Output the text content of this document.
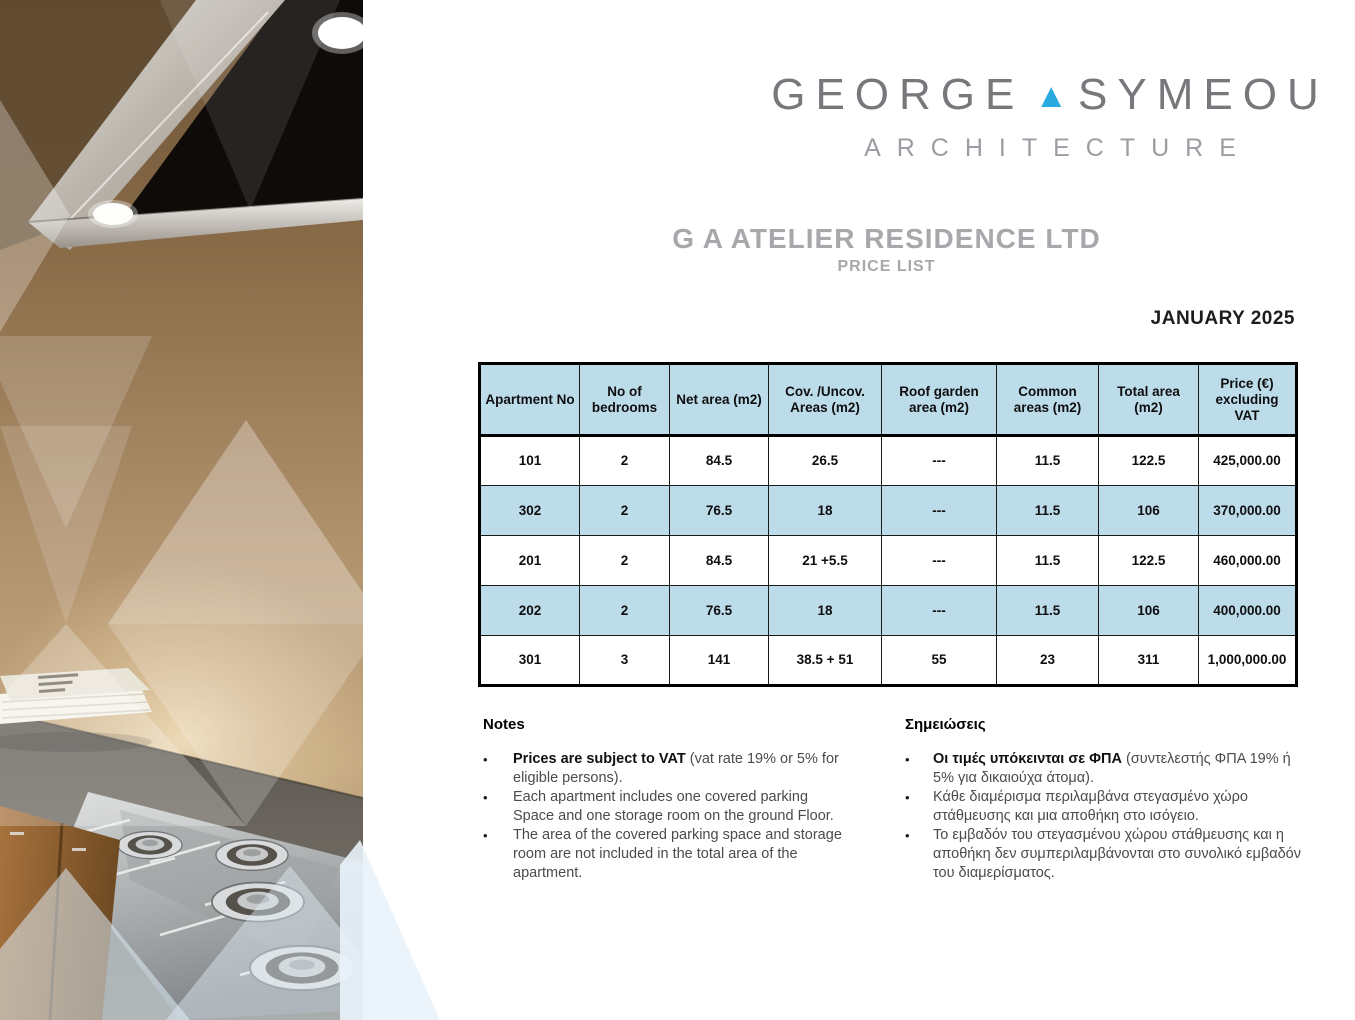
GEORGE ▲ SYMEOU
ARCHITECTURE
G A ATELIER RESIDENCE LTD
PRICE LIST
JANUARY 2025
Apartment No	No of bedrooms	Net area (m2)	Cov. /Uncov. Areas (m2)	Roof garden area (m2)	Common areas (m2)	Total area (m2)	Price (€) excluding VAT
101	2	84.5	26.5	---	11.5	122.5	425,000.00
302	2	76.5	18	---	11.5	106	370,000.00
201	2	84.5	21 +5.5	---	11.5	122.5	460,000.00
202	2	76.5	18	---	11.5	106	400,000.00
301	3	141	38.5 + 51	55	23	311	1,000,000.00
Notes
•	Prices are subject to VAT (vat rate 19% or 5% for eligible persons).
•	Each apartment includes one covered parking Space and one storage room on the ground Floor.
•	The area of the covered parking space and storage room are not included in the total area of the apartment.
Σημειώσεις
•	Οι τιμές υπόκεινται σε ΦΠΑ (συντελεστής ΦΠΑ 19% ή 5% για δικαιούχα άτομα).
•	Κάθε διαμέρισμα περιλαμβάνα στεγασμένο χώρο στάθμευσης και μια αποθήκη στο ισόγειο.
•	Το εμβαδόν του στεγασμένου χώρου στάθμευσης και η αποθήκη δεν συμπεριλαμβάνονται στο συνολικό εμβαδόν του διαμερίσματος.
